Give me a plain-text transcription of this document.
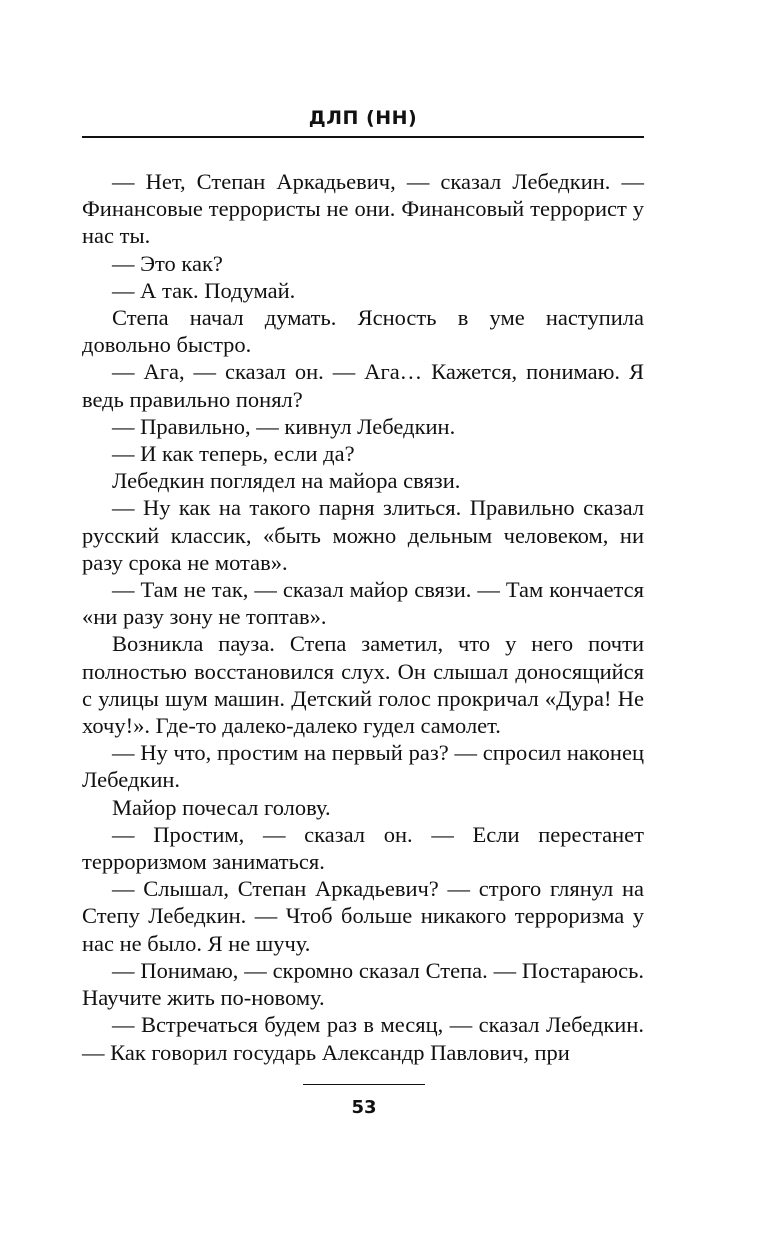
ДЛП (НН)

— Нет, Степан Аркадьевич, — сказал Лебедкин. — Финансовые террористы не они. Финансовый террорист у нас ты.

— Это как?

— А так. Подумай.

Степа начал думать. Ясность в уме наступила довольно быстро.

— Ага, — сказал он. — Ага… Кажется, понимаю. Я ведь правильно понял?

— Правильно, — кивнул Лебедкин.

— И как теперь, если да?

Лебедкин поглядел на майора связи.

— Ну как на такого парня злиться. Правильно сказал русский классик, «быть можно дельным человеком, ни разу срока не мотав».

— Там не так, — сказал майор связи. — Там кончается «ни разу зону не топтав».

Возникла пауза. Степа заметил, что у него почти полностью восстановился слух. Он слышал доносящийся с улицы шум машин. Детский голос прокричал «Дура! Не хочу!». Где-то далеко-далеко гудел самолет.

— Ну что, простим на первый раз? — спросил наконец Лебедкин.

Майор почесал голову.

— Простим, — сказал он. — Если перестанет терроризмом заниматься.

— Слышал, Степан Аркадьевич? — строго глянул на Степу Лебедкин. — Чтоб больше никакого терроризма у нас не было. Я не шучу.

— Понимаю, — скромно сказал Степа. — Постараюсь. Научите жить по-новому.

— Встречаться будем раз в месяц, — сказал Лебедкин. — Как говорил государь Александр Павлович, при

53
